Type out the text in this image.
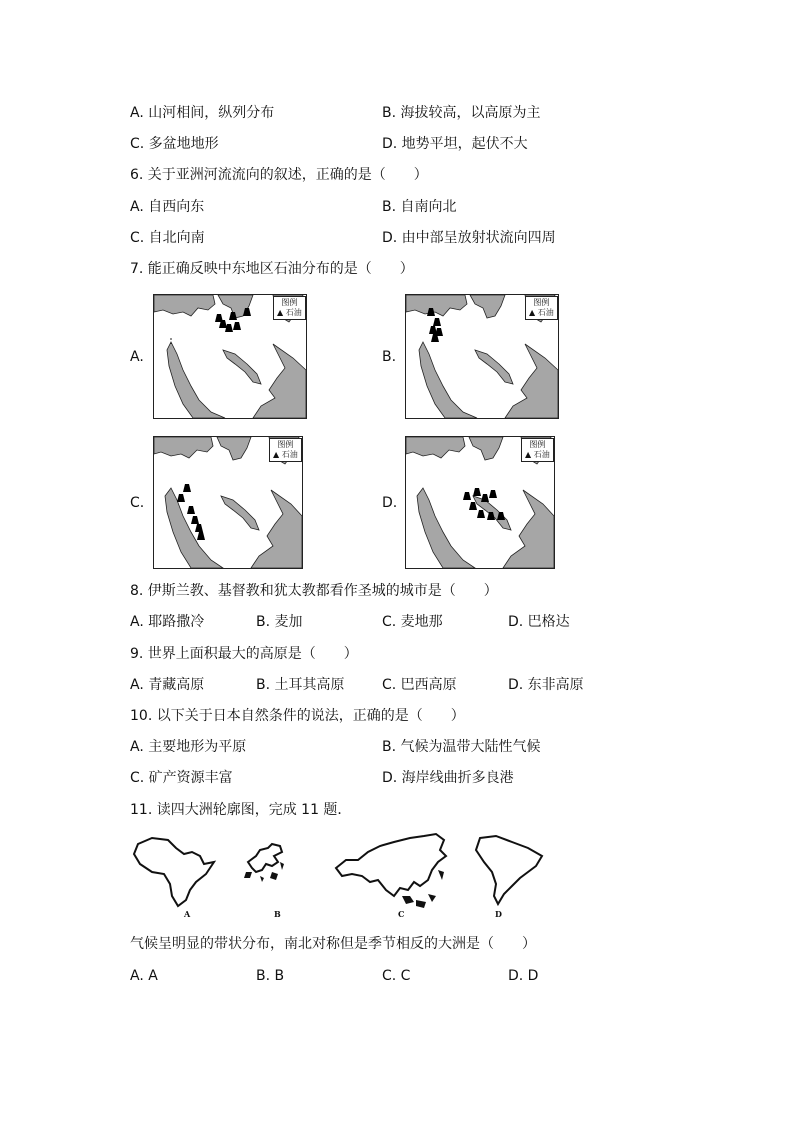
A. 山河相间，纵列分布	B. 海拔较高，以高原为主
C. 多盆地地形	D. 地势平坦，起伏不大
6. 关于亚洲河流流向的叙述，正确的是（　　）
A. 自西向东	B. 自南向北
C. 自北向南	D. 由中部呈放射状流向四周
7. 能正确反映中东地区石油分布的是（　　）
A.	B.
C.	D.
图例
▲ 石油
图例
▲ 石油
图例
▲ 石油
图例
▲ 石油
8. 伊斯兰教、基督教和犹太教都看作圣城的城市是（　　）
A. 耶路撒冷	B. 麦加	C. 麦地那	D. 巴格达
9. 世界上面积最大的高原是（　　）
A. 青藏高原	B. 土耳其高原	C. 巴西高原	D. 东非高原
10. 以下关于日本自然条件的说法，正确的是（　　）
A. 主要地形为平原	B. 气候为温带大陆性气候
C. 矿产资源丰富	D. 海岸线曲折多良港
11. 读四大洲轮廓图，完成 11 题．
A	B	C	D
气候呈明显的带状分布，南北对称但是季节相反的大洲是（　　）
A. A	B. B	C. C	D. D
